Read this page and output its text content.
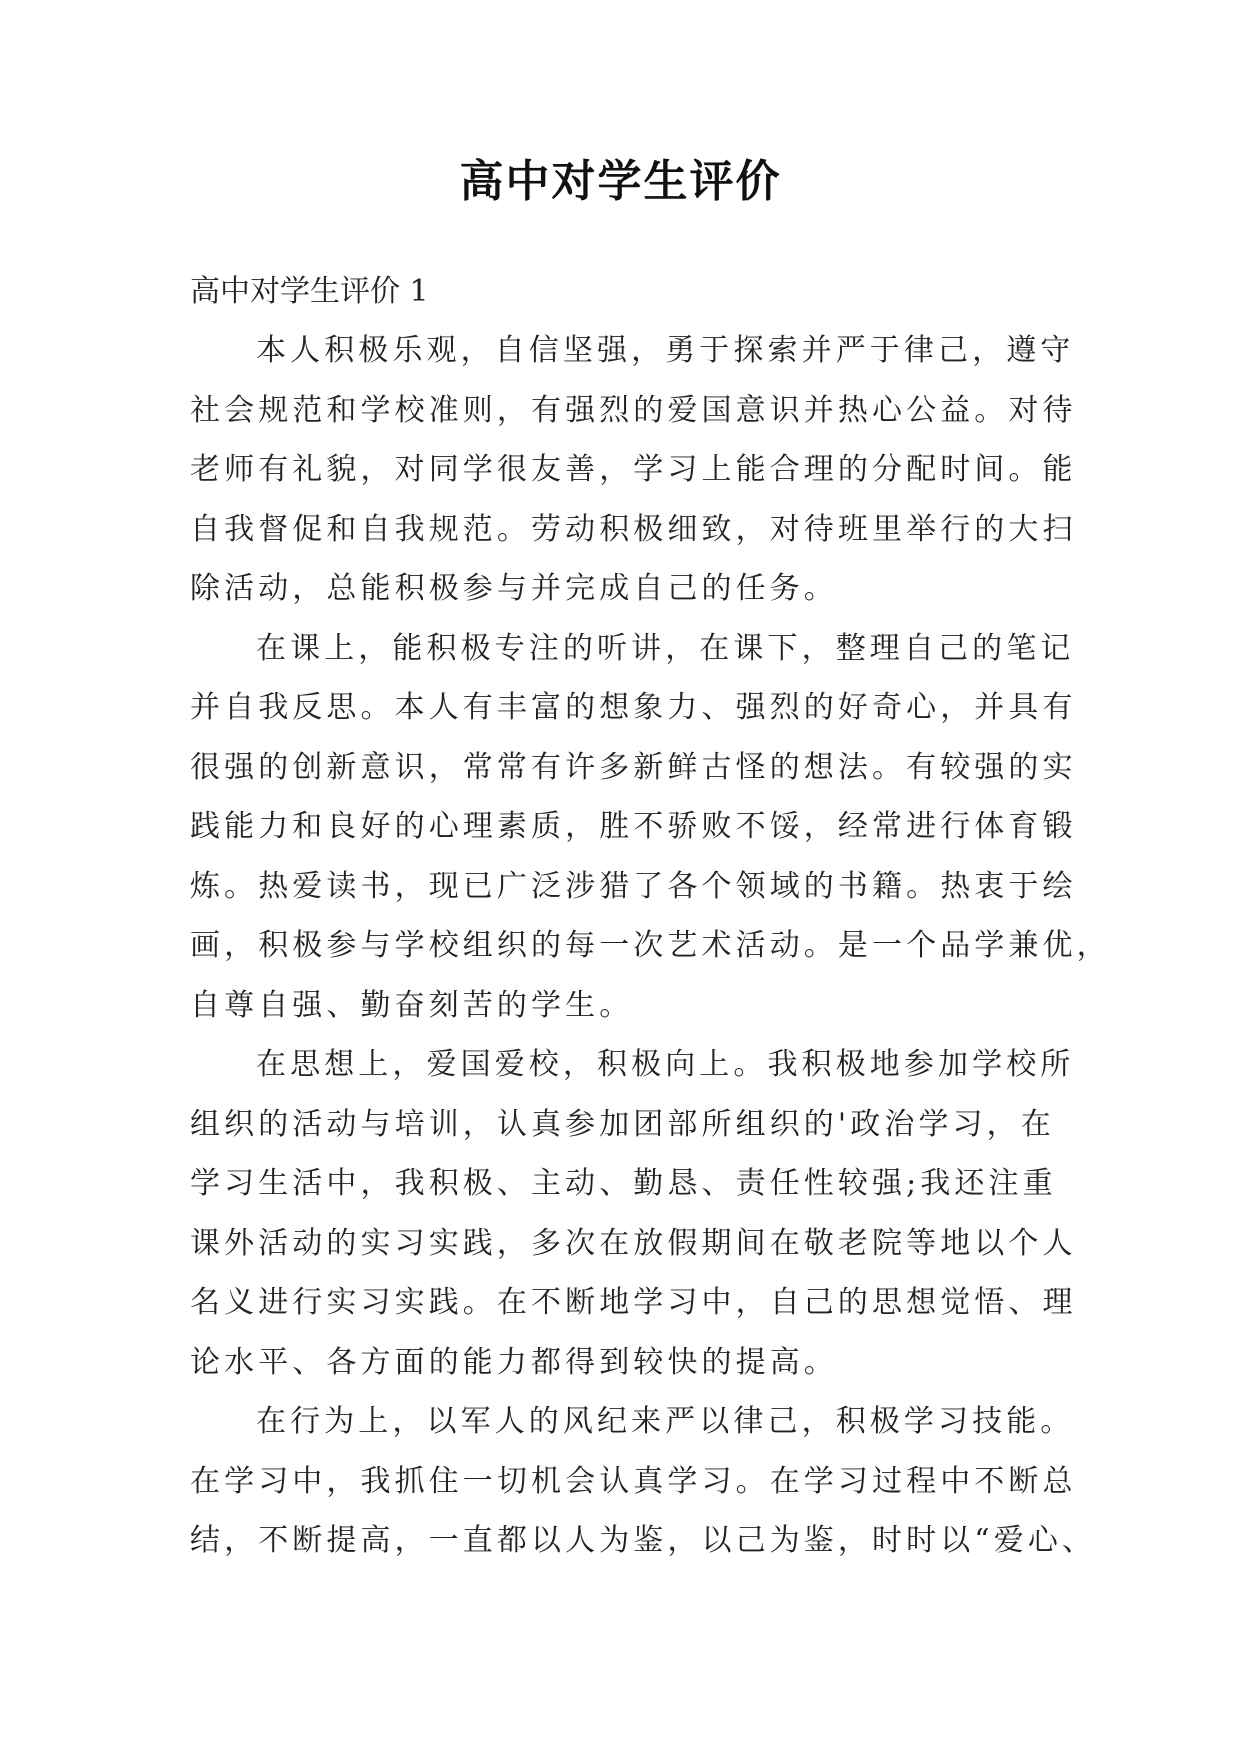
高中对学生评价
高中对学生评价 1
本人积极乐观，自信坚强，勇于探索并严于律己，遵守
社会规范和学校准则，有强烈的爱国意识并热心公益。对待
老师有礼貌，对同学很友善，学习上能合理的分配时间。能
自我督促和自我规范。劳动积极细致，对待班里举行的大扫
除活动，总能积极参与并完成自己的任务。
在课上，能积极专注的听讲，在课下，整理自己的笔记
并自我反思。本人有丰富的想象力、强烈的好奇心，并具有
很强的创新意识，常常有许多新鲜古怪的想法。有较强的实
践能力和良好的心理素质，胜不骄败不馁，经常进行体育锻
炼。热爱读书，现已广泛涉猎了各个领域的书籍。热衷于绘
画，积极参与学校组织的每一次艺术活动。是一个品学兼优，
自尊自强、勤奋刻苦的学生。
在思想上，爱国爱校，积极向上。我积极地参加学校所
组织的活动与培训，认真参加团部所组织的'政治学习，在
学习生活中，我积极、主动、勤恳、责任性较强;我还注重
课外活动的实习实践，多次在放假期间在敬老院等地以个人
名义进行实习实践。在不断地学习中，自己的思想觉悟、理
论水平、各方面的能力都得到较快的提高。
在行为上，以军人的风纪来严以律己，积极学习技能。
在学习中，我抓住一切机会认真学习。在学习过程中不断总
结，不断提高，一直都以人为鉴，以己为鉴，时时以“爱心、
